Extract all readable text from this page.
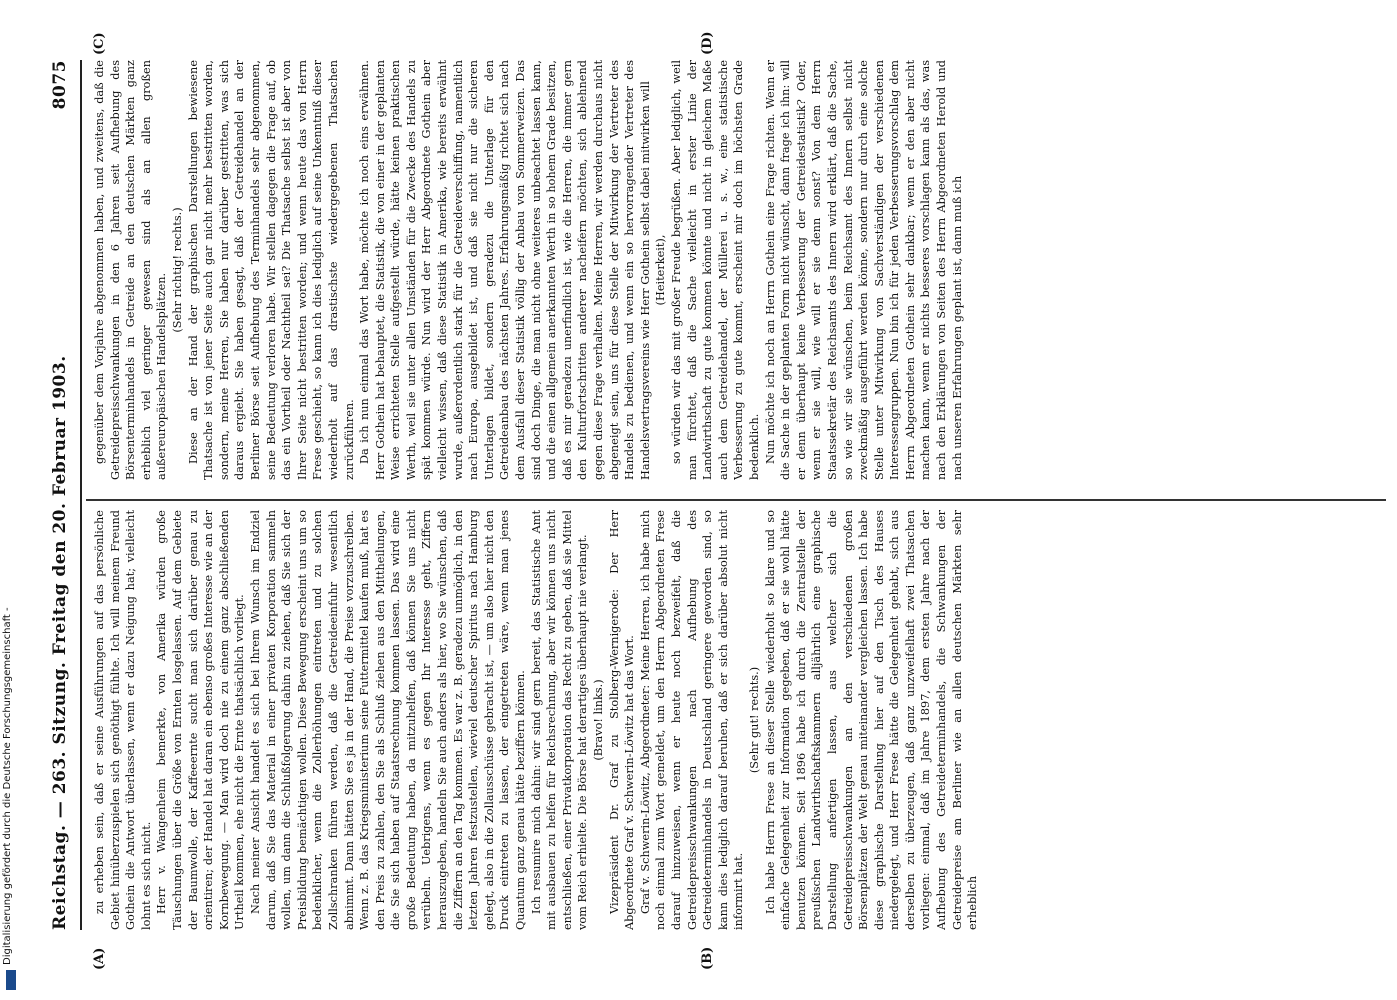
Reichstag. — 263. Sitzung. Freitag den 20. Februar 1903.
8075
(A)	(B)
(C)	(D)

zu erheben sein, daß er seine Ausführungen auf das persönliche Gebiet hinüberzuspielen sich genöthigt fühlte. Ich will meinem Freund Gothein die Antwort überlassen, wenn er dazu Neigung hat; vielleicht lohnt es sich nicht. Herr v. Wangenheim bemerkte, von Amerika würden große Täuschungen über die Größe von Ernten losgelassen. Auf dem Gebiete der Baumwolle, der Kaffeeernte sucht man sich darüber genau zu orientiren; der Handel hat daran ein ebenso großes Interesse wie an der Kornbewegung. — Man wird doch nie zu einem ganz abschließenden Urtheil kommen, ehe nicht die Ernte thatsächlich vorliegt. Nach meiner Ansicht handelt es sich bei Ihrem Wunsch im Endziel darum, daß Sie das Material in einer privaten Korporation sammeln wollen, um dann die Schlußfolgerung dahin zu ziehen, daß Sie sich der Preisbildung bemächtigen wollen. Diese Bewegung erscheint uns um so bedenklicher, wenn die Zollerhöhungen eintreten und zu solchen Zollschranken führen werden, daß die Getreideeinfuhr wesentlich abnimmt. Dann hätten Sie es ja in der Hand, die Preise vorzuschreiben. Wenn z. B. das Kriegsministerium seine Futtermittel kaufen muß, hat es den Preis zu zahlen, den Sie als Schluß ziehen aus den Mittheilungen, die Sie sich haben auf Staatsrechnung kommen lassen. Das wird eine große Bedeutung haben, da mitzuhelfen, daß können Sie uns nicht verübeln. Uebrigens, wenn es gegen Ihr Interesse geht, Ziffern herauszugeben, handeln Sie auch anders als hier, wo Sie wünschen, daß die Ziffern an den Tag kommen. Es war z. B. geradezu unmöglich, in den letzten Jahren festzustellen, wieviel deutscher Spiritus nach Hamburg gelegt, also in die Zollausschüsse gebracht ist, — um also hier nicht den Druck eintreten zu lassen, der eingetreten wäre, wenn man jenes Quantum ganz genau hätte beziffern können. Ich resumire mich dahin: wir sind gern bereit, das Statistische Amt mit ausbauen zu helfen für Reichsrechnung, aber wir können uns nicht entschließen, einer Privatkorporation das Recht zu geben, daß sie Mittel vom Reich erhielte. Die Börse hat derartiges überhaupt nie verlangt. (Bravo! links.) Vizepräsident Dr. Graf zu Stolberg-Wernigerode: Der Herr Abgeordnete Graf v. Schwerin-Löwitz hat das Wort. Graf v. Schwerin-Löwitz, Abgeordneter: Meine Herren, ich habe mich noch einmal zum Wort gemeldet, um den Herrn Abgeordneten Frese darauf hinzuweisen, wenn er heute noch bezweifelt, daß die Getreidepreisschwankungen nach Aufhebung des Getreideterminhandels in Deutschland geringere geworden sind, so kann dies lediglich darauf beruhen, daß er sich darüber absolut nicht informirt hat.

(Sehr gut! rechts.) Ich habe Herrn Frese an dieser Stelle wiederholt so klare und so einfache Gelegenheit zur Information gegeben, daß er sie wohl hätte benutzen können. Seit 1896 habe ich durch die Zentralstelle der preußischen Landwirthschaftskammern alljährlich eine graphische Darstellung anfertigen lassen, aus welcher sich die Getreidepreisschwankungen an den verschiedenen großen Börsenplätzen der Welt genau miteinander vergleichen lassen. Ich habe diese graphische Darstellung hier auf den Tisch des Hauses niedergelegt, und Herr Frese hätte die Gelegenheit gehabt, sich aus derselben zu überzeugen, daß ganz unzweifelhaft zwei Thatsachen vorliegen: einmal, daß im Jahre 1897, dem ersten Jahre nach der Aufhebung des Getreideterminhandels, die Schwankungen der Getreidepreise am Berliner wie an allen deutschen Märkten sehr erheblich

gegenüber dem Vorjahre abgenommen haben, und zweitens, daß die Getreidepreisschwankungen in den 6 Jahren seit Aufhebung des Börsenterminhandels in Getreide an den deutschen Märkten ganz erheblich viel geringer gewesen sind als an allen großen außereuropäischen Handelsplätzen.

(Sehr richtig! rechts.) Diese an der Hand der graphischen Darstellungen bewiesene Thatsache ist von jener Seite auch gar nicht mehr bestritten worden, sondern, meine Herren, Sie haben nur darüber gestritten, was sich daraus ergiebt. Sie haben gesagt, daß der Getreidehandel an der Berliner Börse seit Aufhebung des Terminhandels sehr abgenommen, seine Bedeutung verloren habe. Wir stellen dagegen die Frage auf, ob das ein Vortheil oder Nachtheil sei? Die Thatsache selbst ist aber von Ihrer Seite nicht bestritten worden; und wenn heute das von Herrn Frese geschieht, so kann ich dies lediglich auf seine Unkenntniß dieser wiederholt auf das drastischste wiedergegebenen Thatsachen zurückführen. Da ich nun einmal das Wort habe, möchte ich noch eins erwähnen. Herr Gothein hat behauptet, die Statistik, die von einer in der geplanten Weise errichteten Stelle aufgestellt würde, hätte keinen praktischen Werth, weil sie unter allen Umständen für die Zwecke des Handels zu spät kommen würde. Nun wird der Herr Abgeordnete Gothein aber vielleicht wissen, daß diese Statistik in Amerika, wie bereits erwähnt wurde, außerordentlich stark für die Getreideverschiffung, namentlich nach Europa, ausgebildet ist, und daß sie nicht nur die sicheren Unterlagen bildet, sondern geradezu die Unterlage für den Getreideanbau des nächsten Jahres. Erfahrungsmäßig richtet sich nach dem Ausfall dieser Statistik völlig der Anbau von Sommerweizen. Das sind doch Dinge, die man nicht ohne weiteres unbeachtet lassen kann, und die einen allgemein anerkannten Werth in so hohem Grade besitzen, daß es mir geradezu unerfindlich ist, wie die Herren, die immer gern den Kulturfortschritten anderer nacheifern möchten, sich ablehnend gegen diese Frage verhalten. Meine Herren, wir werden durchaus nicht abgeneigt sein, uns für diese Stelle der Mitwirkung der Vertreter des Handels zu bedienen, und wenn ein so hervorragender Vertreter des Handelsvertragsvereins wie Herr Gothein selbst dabei mitwirken will (Heiterkeit), so würden wir das mit großer Freude begrüßen. Aber lediglich, weil man fürchtet, daß die Sache vielleicht in erster Linie der Landwirthschaft zu gute kommen könnte und nicht in gleichem Maße auch dem Getreidehandel, der Müllerei u. s. w., eine statistische Verbesserung zu gute kommt, erscheint mir doch im höchsten Grade bedenklich. Nun möchte ich noch an Herrn Gothein eine Frage richten. Wenn er die Sache in der geplanten Form nicht wünscht, dann frage ich ihn: will er denn überhaupt keine Verbesserung der Getreidestatistik? Oder, wenn er sie will, wie will er sie denn sonst? Von dem Herrn Staatssekretär des Reichsamts des Innern wird erklärt, daß die Sache, so wie wir sie wünschen, beim Reichsamt des Innern selbst nicht zweckmäßig ausgeführt werden könne, sondern nur durch eine solche Stelle unter Mitwirkung von Sachverständigen der verschiedenen Interessengruppen. Nun bin ich für jeden Verbesserungsvorschlag dem Herrn Abgeordneten Gothein sehr dankbar; wenn er den aber nicht machen kann, wenn er nichts besseres vorschlagen kann als das, was nach den Erklärungen von Seiten des Herrn Abgeordneten Herold und nach unseren Erfahrungen geplant ist, dann muß ich

Digitalisierung gefördert durch die Deutsche Forschungsgemeinschaft -
